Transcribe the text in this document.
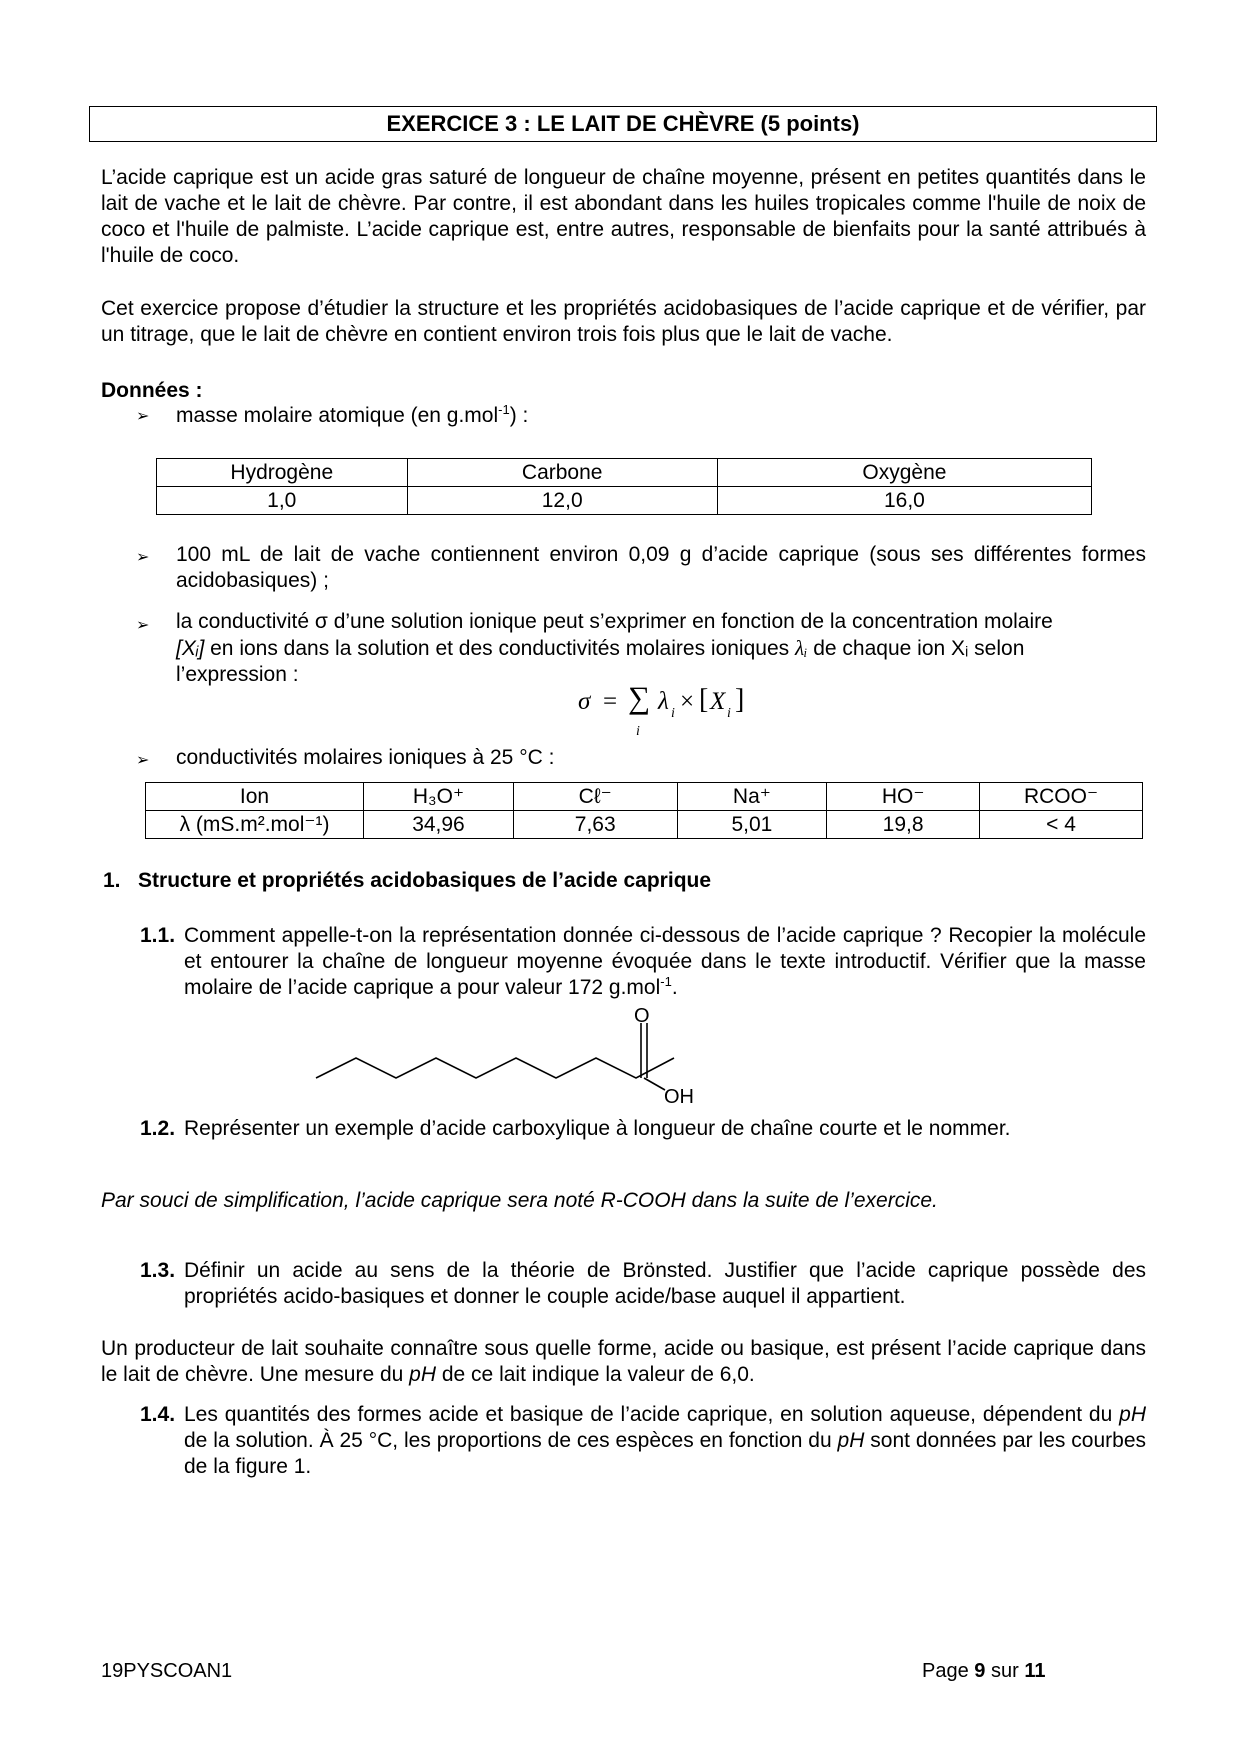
EXERCICE 3 : LE LAIT DE CHÈVRE (5 points)
L’acide caprique est un acide gras saturé de longueur de chaîne moyenne, présent en petites quantités dans le lait de vache et le lait de chèvre. Par contre, il est abondant dans les huiles tropicales comme l'huile de noix de coco et l'huile de palmiste. L’acide caprique est, entre autres, responsable de bienfaits pour la santé attribués à l'huile de coco.
Cet exercice propose d’étudier la structure et les propriétés acidobasiques de l’acide caprique et de vérifier, par un titrage, que le lait de chèvre en contient environ trois fois plus que le lait de vache.
Données :
➢ masse molaire atomique (en g.mol$^{-1}$) :
Hydrogène	Carbone	Oxygène
1,0	12,0	16,0
➢ 100 mL de lait de vache contiennent environ 0,09 g d’acide caprique (sous ses différentes formes acidobasiques) ;
➢ la conductivité σ d’une solution ionique peut s’exprimer en fonction de la concentration molaire
[Xᵢ] en ions dans la solution et des conductivités molaires ioniques λᵢ de chaque ion Xᵢ selon
l’expression :
σ = ∑
i
λ i × [ X i ]
➢ conductivités molaires ioniques à 25 °C :
Ion	H₃O⁺	Cℓ⁻	Na⁺	HO⁻	RCOO⁻
λ (mS.m².mol⁻¹)	34,96	7,63	5,01	19,8	< 4
1.   Structure et propriétés acidobasiques de l’acide caprique
1.1. Comment appelle-t-on la représentation donnée ci-dessous de l’acide caprique ? Recopier la molécule et entourer la chaîne de longueur moyenne évoquée dans le texte introductif. Vérifier que la masse molaire de l’acide caprique a pour valeur 172 g.mol$^{-1}$.
O
OH
1.2. Représenter un exemple d’acide carboxylique à longueur de chaîne courte et le nommer.
Par souci de simplification, l’acide caprique sera noté R-COOH dans la suite de l’exercice.
1.3. Définir un acide au sens de la théorie de Brönsted. Justifier que l’acide caprique possède des propriétés acido-basiques et donner le couple acide/base auquel il appartient.
Un producteur de lait souhaite connaître sous quelle forme, acide ou basique, est présent l’acide caprique dans le lait de chèvre. Une mesure du pH de ce lait indique la valeur de 6,0.
1.4. Les quantités des formes acide et basique de l’acide caprique, en solution aqueuse, dépendent du pH de la solution. À 25 °C, les proportions de ces espèces en fonction du pH sont données par les courbes de la figure 1.
19PYSCOAN1	Page 9 sur 11
